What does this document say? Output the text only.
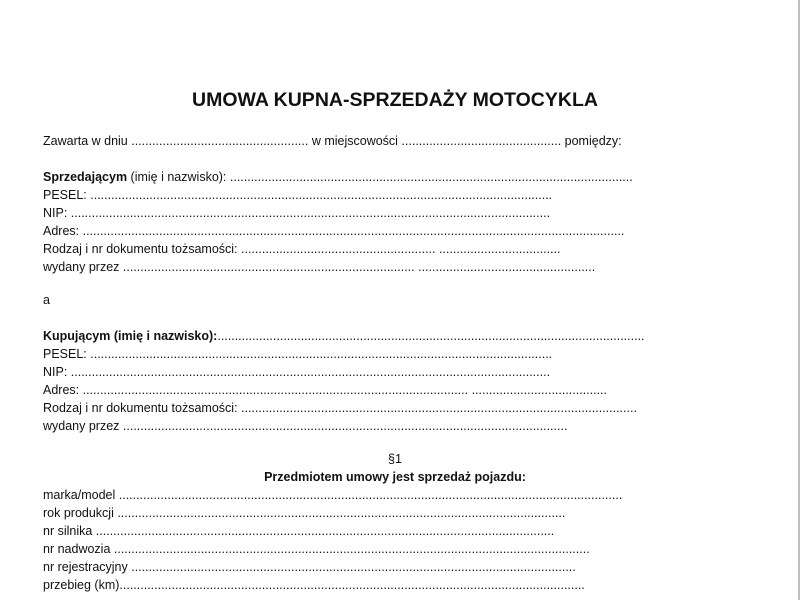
UMOWA KUPNA-SPRZEDAŻY MOTOCYKLA
Zawarta w dniu ................................................... w miejscowości .............................................. pomiędzy:
Sprzedającym (imię i nazwisko): ....................................................................................................................
PESEL: .....................................................................................................................................
NIP: ..........................................................................................................................................
Adres: ............................................................................................................................................................
Rodzaj i nr dokumentu tożsamości: ........................................................ ...................................
wydany przez .................................................................................... ...................................................
a
Kupującym (imię i nazwisko):...........................................................................................................................
PESEL: .....................................................................................................................................
NIP: ..........................................................................................................................................
Adres: ............................................................................................................... .......................................
Rodzaj i nr dokumentu tożsamości: ..................................................................................................................
wydany przez ................................................................................................................................
§1
Przedmiotem umowy jest sprzedaż pojazdu:
marka/model .................................................................................................................................................
rok produkcji .................................................................................................................................
nr silnika ....................................................................................................................................
nr nadwozia .........................................................................................................................................
nr rejestracyjny ................................................................................................................................
przebieg (km)......................................................................................................................................
